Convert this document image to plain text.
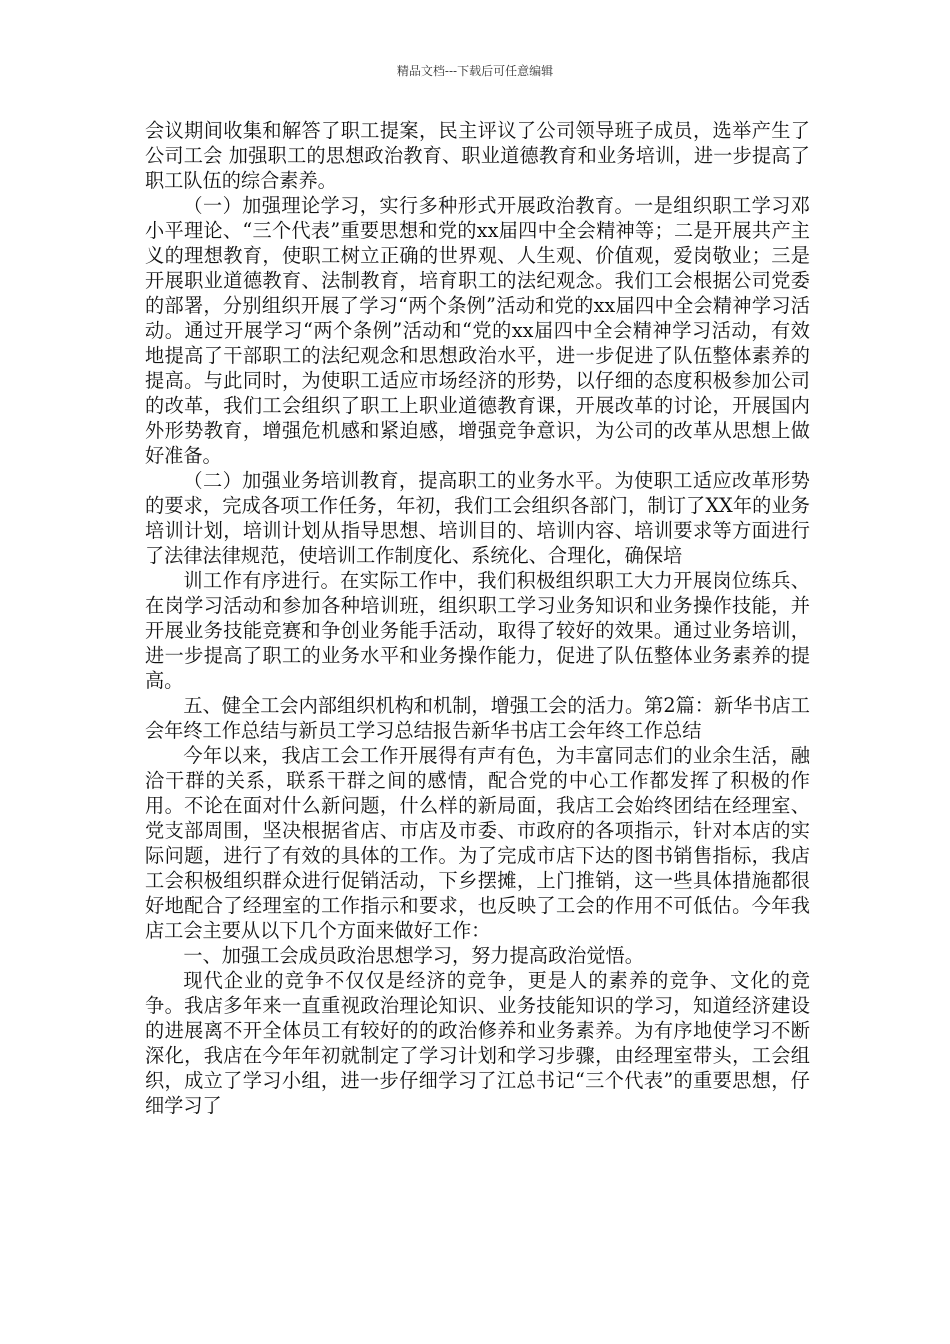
精品文档---下载后可任意编辑

会议期间收集和解答了职工提案，民主评议了公司领导班子成员，选举产生了公司工会 加强职工的思想政治教育、职业道德教育和业务培训，进一步提高了职工队伍的综合素养。

（一）加强理论学习，实行多种形式开展政治教育。一是组织职工学习邓小平理论、“三个代表”重要思想和党的xx届四中全会精神等；二是开展共产主义的理想教育，使职工树立正确的世界观、人生观、价值观，爱岗敬业；三是开展职业道德教育、法制教育，培育职工的法纪观念。我们工会根据公司党委的部署，分别组织开展了学习“两个条例”活动和党的xx届四中全会精神学习活动。通过开展学习“两个条例”活动和“党的xx届四中全会精神学习活动，有效地提高了干部职工的法纪观念和思想政治水平，进一步促进了队伍整体素养的提高。与此同时，为使职工适应市场经济的形势，以仔细的态度积极参加公司的改革，我们工会组织了职工上职业道德教育课，开展改革的讨论，开展国内外形势教育，增强危机感和紧迫感，增强竞争意识，为公司的改革从思想上做好准备。

（二）加强业务培训教育，提高职工的业务水平。为使职工适应改革形势的要求，完成各项工作任务，年初，我们工会组织各部门，制订了XX年的业务培训计划，培训计划从指导思想、培训目的、培训内容、培训要求等方面进行了法律法律规范，使培训工作制度化、系统化、合理化，确保培

训工作有序进行。在实际工作中，我们积极组织职工大力开展岗位练兵、在岗学习活动和参加各种培训班，组织职工学习业务知识和业务操作技能，并开展业务技能竞赛和争创业务能手活动，取得了较好的效果。通过业务培训，进一步提高了职工的业务水平和业务操作能力，促进了队伍整体业务素养的提高。

五、健全工会内部组织机构和机制，增强工会的活力。第2篇：新华书店工会年终工作总结与新员工学习总结报告新华书店工会年终工作总结

今年以来，我店工会工作开展得有声有色，为丰富同志们的业余生活，融洽干群的关系，联系干群之间的感情，配合党的中心工作都发挥了积极的作用。不论在面对什么新问题，什么样的新局面，我店工会始终团结在经理室、党支部周围，坚决根据省店、市店及市委、市政府的各项指示，针对本店的实际问题，进行了有效的具体的工作。为了完成市店下达的图书销售指标，我店工会积极组织群众进行促销活动，下乡摆摊，上门推销，这一些具体措施都很好地配合了经理室的工作指示和要求，也反映了工会的作用不可低估。今年我店工会主要从以下几个方面来做好工作：

一、加强工会成员政治思想学习，努力提高政治觉悟。

现代企业的竞争不仅仅是经济的竞争，更是人的素养的竞争、文化的竞争。我店多年来一直重视政治理论知识、业务技能知识的学习，知道经济建设的进展离不开全体员工有较好的的政治修养和业务素养。为有序地使学习不断深化，我店在今年年初就制定了学习计划和学习步骤，由经理室带头，工会组织，成立了学习小组，进一步仔细学习了江总书记“三个代表”的重要思想，仔细学习了
